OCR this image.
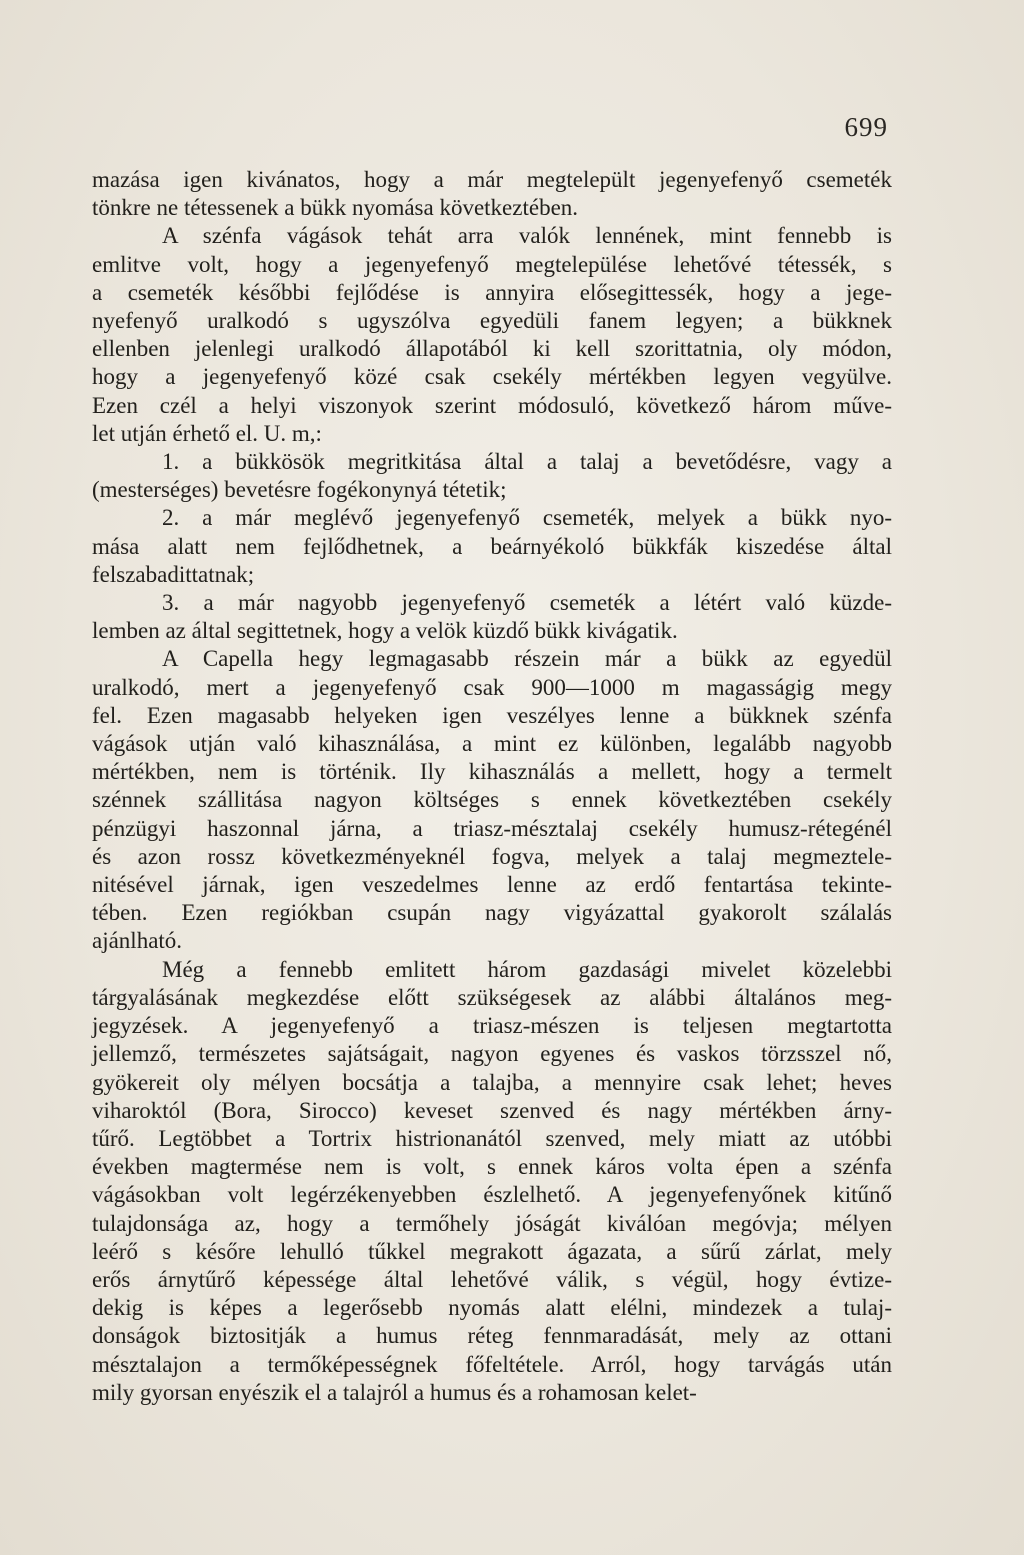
699

mazása igen kivánatos, hogy a már megtelepült jegenyefenyő csemeték
tönkre ne tétessenek a bükk nyomása következtében.

A szénfa vágások tehát arra valók lennének, mint fennebb is
emlitve volt, hogy a jegenyefenyő megtelepülése lehetővé tétessék, s
a csemeték későbbi fejlődése is annyira elősegittessék, hogy a jege-
nyefenyő uralkodó s ugyszólva egyedüli fanem legyen; a bükknek
ellenben jelenlegi uralkodó állapotából ki kell szorittatnia, oly módon,
hogy a jegenyefenyő közé csak csekély mértékben legyen vegyülve.
Ezen czél a helyi viszonyok szerint módosuló, következő három műve-
let utján érhető el. U. m,:

1. a bükkösök megritkitása által a talaj a bevetődésre, vagy a
(mesterséges) bevetésre fogékonynyá tétetik;

2. a már meglévő jegenyefenyő csemeték, melyek a bükk nyo-
mása alatt nem fejlődhetnek, a beárnyékoló bükkfák kiszedése által
felszabadittatnak;

3. a már nagyobb jegenyefenyő csemeték a létért való küzde-
lemben az által segittetnek, hogy a velök küzdő bükk kivágatik.

A Capella hegy legmagasabb részein már a bükk az egyedül
uralkodó, mert a jegenyefenyő csak 900—1000 m magasságig megy
fel. Ezen magasabb helyeken igen veszélyes lenne a bükknek szénfa
vágások utján való kihasználása, a mint ez különben, legalább nagyobb
mértékben, nem is történik. Ily kihasználás a mellett, hogy a termelt
szénnek szállitása nagyon költséges s ennek következtében csekély
pénzügyi haszonnal járna, a triasz-mésztalaj csekély humusz-rétegénél
és azon rossz következményeknél fogva, melyek a talaj megmeztele-
nitésével járnak, igen veszedelmes lenne az erdő fentartása tekinte-
tében. Ezen regiókban csupán nagy vigyázattal gyakorolt szálalás
ajánlható.

Még a fennebb emlitett három gazdasági mivelet közelebbi
tárgyalásának megkezdése előtt szükségesek az alábbi általános meg-
jegyzések. A jegenyefenyő a triasz-mészen is teljesen megtartotta
jellemző, természetes sajátságait, nagyon egyenes és vaskos törzsszel nő,
gyökereit oly mélyen bocsátja a talajba, a mennyire csak lehet; heves
viharoktól (Bora, Sirocco) keveset szenved és nagy mértékben árny-
tűrő. Legtöbbet a Tortrix histrionanától szenved, mely miatt az utóbbi
években magtermése nem is volt, s ennek káros volta épen a szénfa
vágásokban volt legérzékenyebben észlelhető. A jegenyefenyőnek kitűnő
tulajdonsága az, hogy a termőhely jóságát kiválóan megóvja; mélyen
leérő s későre lehulló tűkkel megrakott ágazata, a sűrű zárlat, mely
erős árnytűrő képessége által lehetővé válik, s végül, hogy évtize-
dekig is képes a legerősebb nyomás alatt elélni, mindezek a tulaj-
donságok biztositják a humus réteg fennmaradását, mely az ottani
mésztalajon a termőképességnek főfeltétele. Arról, hogy tarvágás után
mily gyorsan enyészik el a talajról a humus és a rohamosan kelet-
